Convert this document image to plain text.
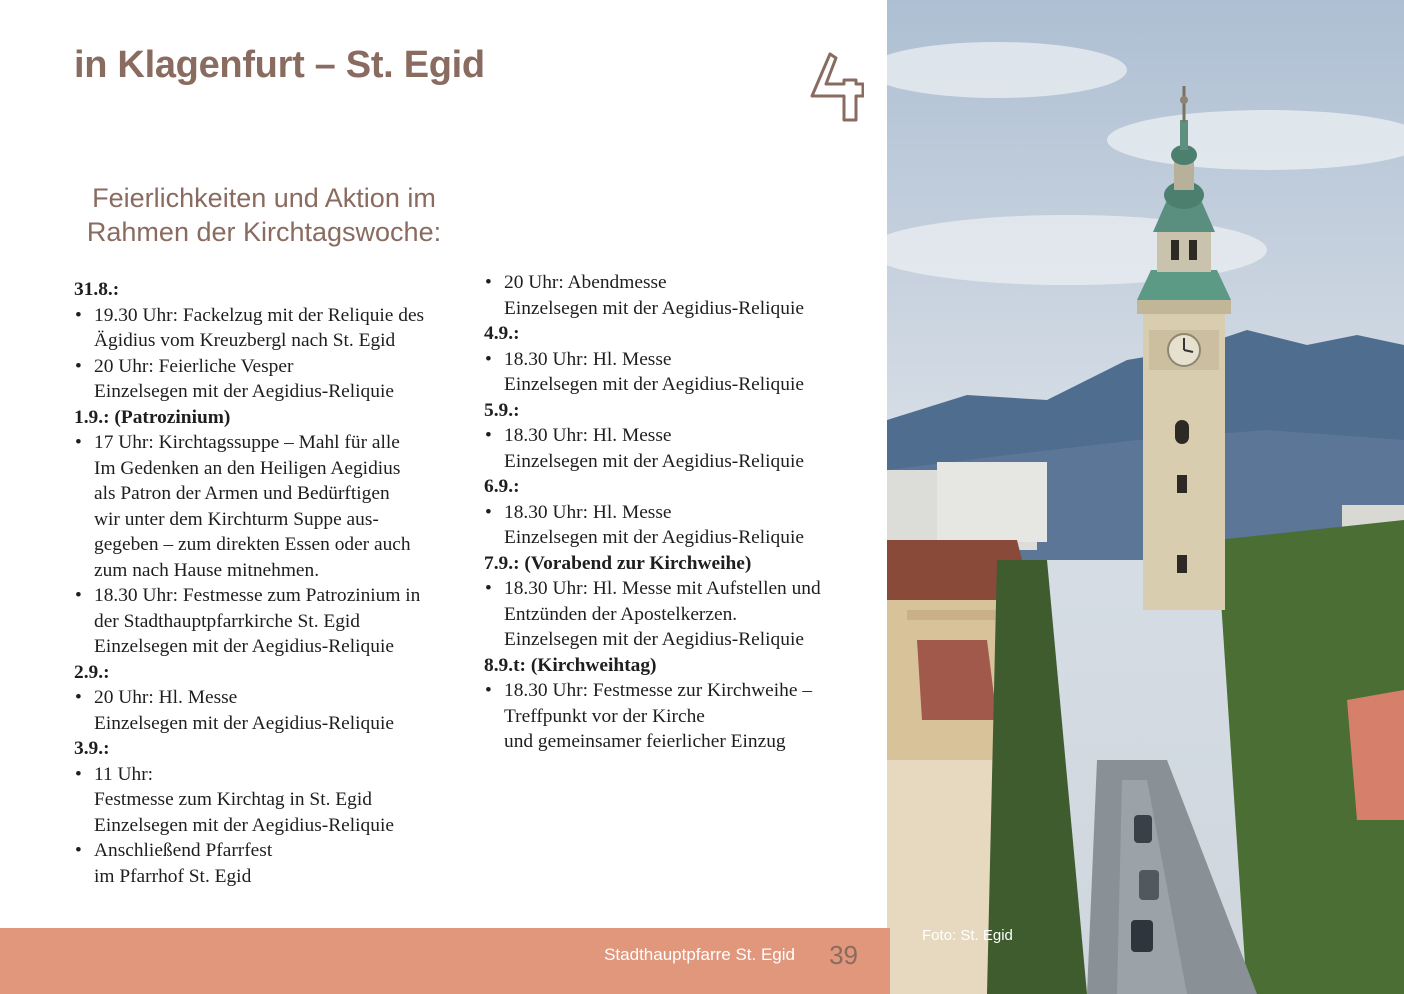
in Klagenfurt – St. Egid
Feierlichkeiten und Aktion im Rahmen der Kirchtagswoche:
31.8.:
• 19.30 Uhr: Fackelzug mit der Reliquie des
Ägidius vom Kreuzbergl nach St. Egid
• 20 Uhr: Feierliche Vesper
Einzelsegen mit der Aegidius-Reliquie
1.9.: (Patrozinium)
• 17 Uhr: Kirchtagssuppe – Mahl für alle
Im Gedenken an den Heiligen Aegidius
als Patron der Armen und Bedürftigen
wir unter dem Kirchturm Suppe aus-
gegeben – zum direkten Essen oder auch
zum nach Hause mitnehmen.
• 18.30 Uhr: Festmesse zum Patrozinium in
der Stadthauptpfarrkirche St. Egid
Einzelsegen mit der Aegidius-Reliquie
2.9.:
• 20 Uhr: Hl. Messe
Einzelsegen mit der Aegidius-Reliquie
3.9.:
• 11 Uhr:
Festmesse zum Kirchtag in St. Egid
Einzelsegen mit der Aegidius-Reliquie
• Anschließend Pfarrfest
im Pfarrhof St. Egid
• 20 Uhr: Abendmesse
Einzelsegen mit der Aegidius-Reliquie
4.9.:
• 18.30 Uhr: Hl. Messe
Einzelsegen mit der Aegidius-Reliquie
5.9.:
• 18.30 Uhr: Hl. Messe
Einzelsegen mit der Aegidius-Reliquie
6.9.:
• 18.30 Uhr: Hl. Messe
Einzelsegen mit der Aegidius-Reliquie
7.9.: (Vorabend zur Kirchweihe)
• 18.30 Uhr: Hl. Messe mit Aufstellen und
Entzünden der Apostelkerzen.
Einzelsegen mit der Aegidius-Reliquie
8.9.t: (Kirchweihtag)
• 18.30 Uhr: Festmesse zur Kirchweihe –
Treffpunkt vor der Kirche
und gemeinsamer feierlicher Einzug
Foto: St. Egid
Stadthauptpfarre St. Egid 39
